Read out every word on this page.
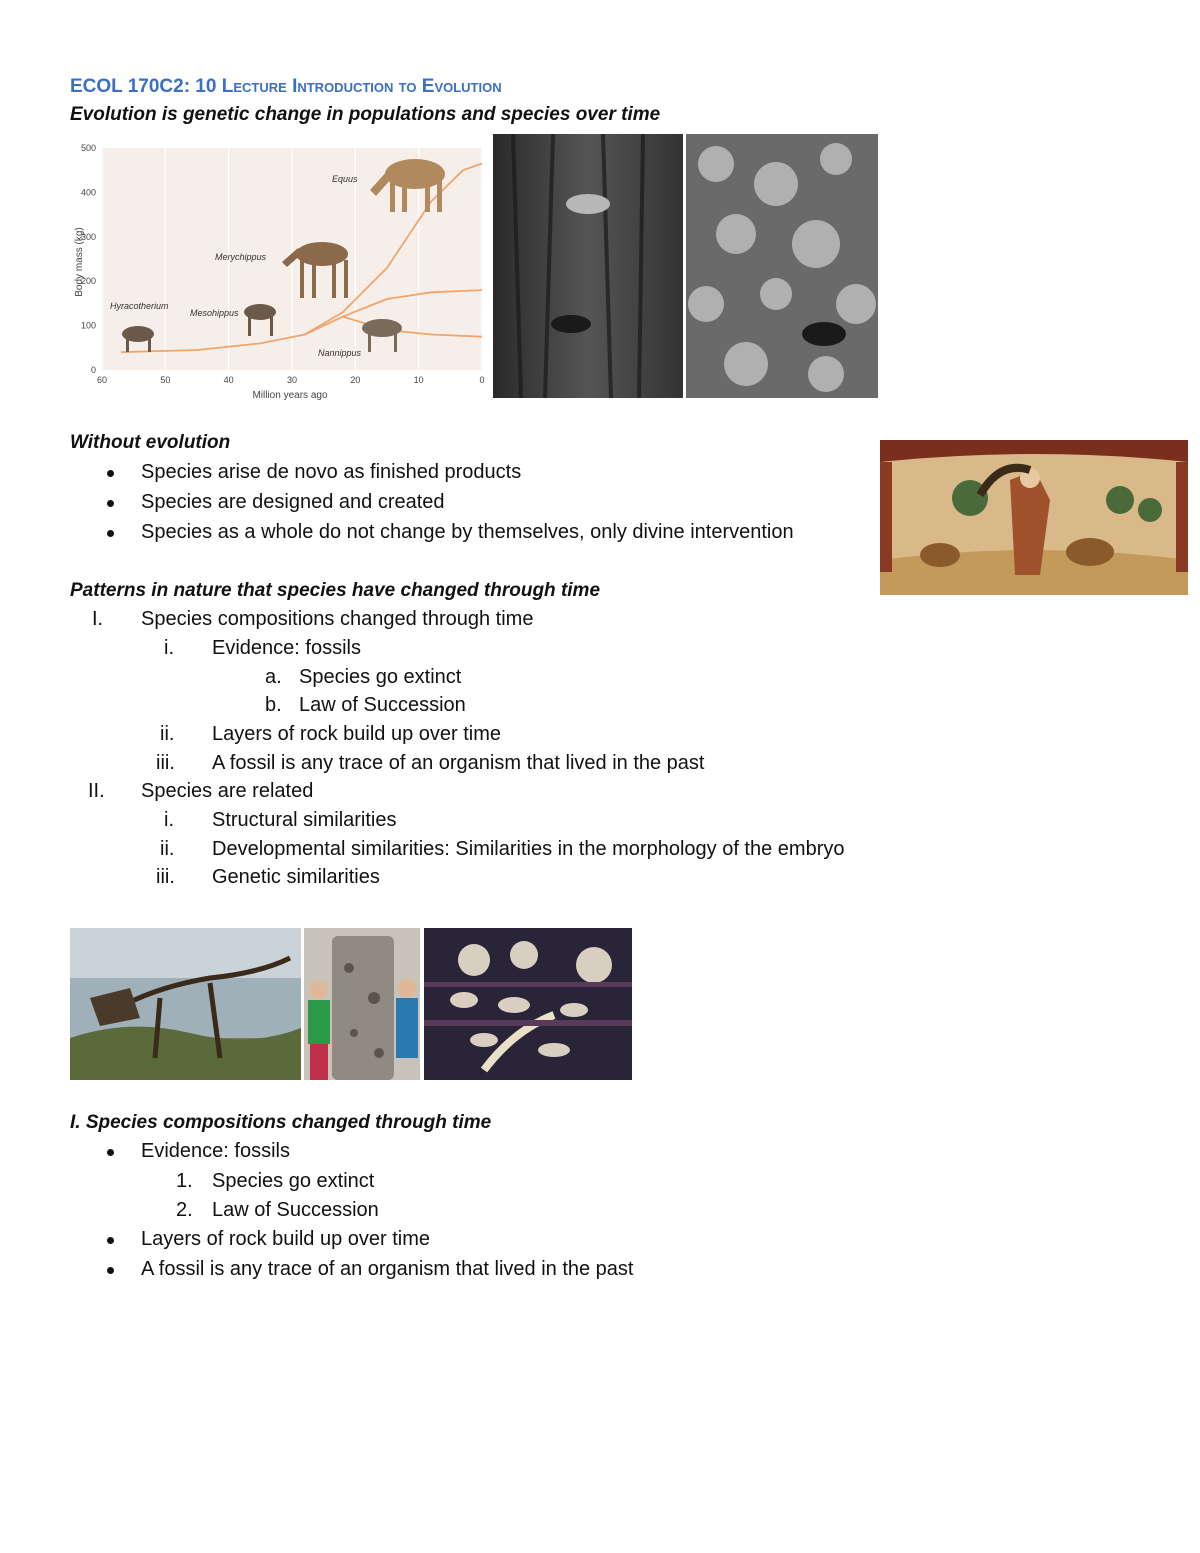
ECOL 170C2: 10 Lecture Introduction to Evolution
Evolution is genetic change in populations and species over time
500
400
300
200
100
0
60	50	40	30	20	10	0
Body mass (kg)
Million years ago
Equus
Merychippus
Hyracotherium
Mesohippus
Nannippus
Without evolution
Species arise de novo as finished products
Species are designed and created
Species as a whole do not change by themselves, only divine intervention
Patterns in nature that species have changed through time
I. Species compositions changed through time
i. Evidence: fossils
a. Species go extinct
b. Law of Succession
ii. Layers of rock build up over time
iii. A fossil is any trace of an organism that lived in the past
II. Species are related
i. Structural similarities
ii. Developmental similarities: Similarities in the morphology of the embryo
iii. Genetic similarities
I. Species compositions changed through time
Evidence: fossils
1. Species go extinct
2. Law of Succession
Layers of rock build up over time
A fossil is any trace of an organism that lived in the past
